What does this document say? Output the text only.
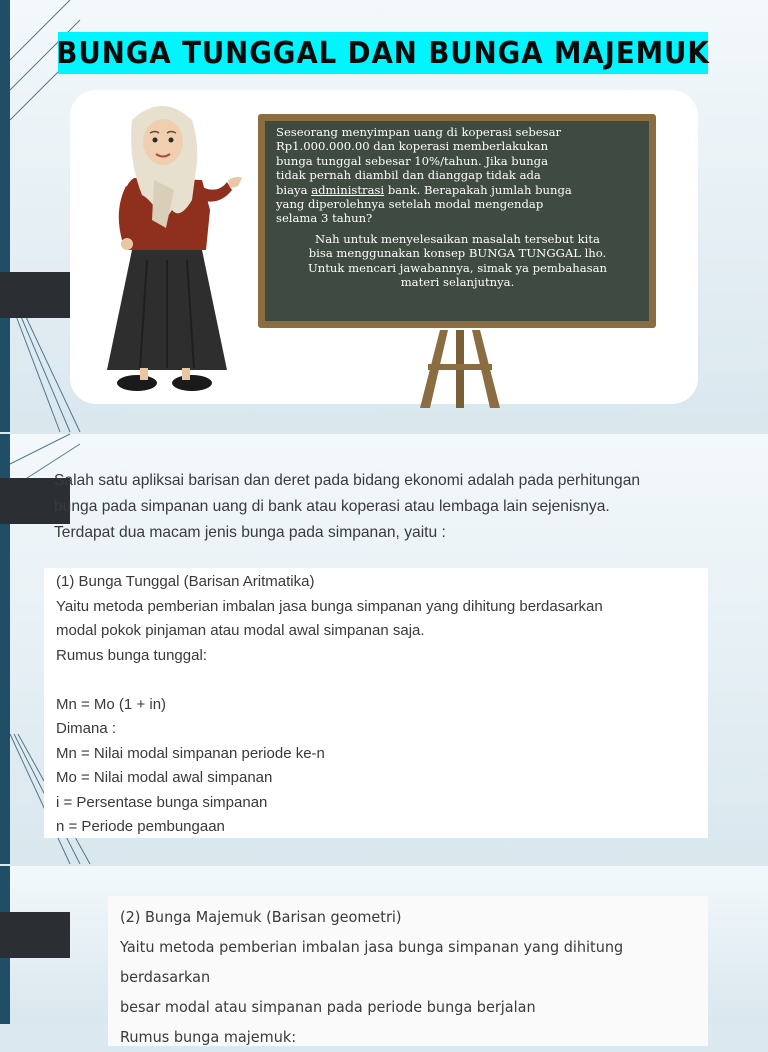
BUNGA TUNGGAL DAN BUNGA MAJEMUK
Seseorang menyimpan uang di koperasi sebesar
Rp1.000.000.00 dan koperasi memberlakukan
bunga tunggal sebesar 10%/tahun. Jika bunga
tidak pernah diambil dan dianggap tidak ada
biaya administrasi bank. Berapakah jumlah bunga
yang diperolehnya setelah modal mengendap
selama 3 tahun?
Nah untuk menyelesaikan masalah tersebut kita
bisa menggunakan konsep BUNGA TUNGGAL lho.
Untuk mencari jawabannya, simak ya pembahasan
materi selanjutnya.
Salah satu apliksai barisan dan deret pada bidang ekonomi adalah pada perhitungan
bunga pada simpanan uang di bank atau koperasi atau lembaga lain sejenisnya.
Terdapat dua macam jenis bunga pada simpanan, yaitu :
(1) Bunga Tunggal (Barisan Aritmatika)
Yaitu metoda pemberian imbalan jasa bunga simpanan yang dihitung berdasarkan
modal pokok pinjaman atau modal awal simpanan saja.
Rumus bunga tunggal:
Mn = Mo (1 + in)
Dimana :
Mn = Nilai modal simpanan periode ke-n
Mo = Nilai modal awal simpanan
i = Persentase bunga simpanan
n = Periode pembungaan
(2) Bunga Majemuk (Barisan geometri)
Yaitu metoda pemberian imbalan jasa bunga simpanan yang dihitung berdasarkan
besar modal atau simpanan pada periode bunga berjalan
Rumus bunga majemuk:
